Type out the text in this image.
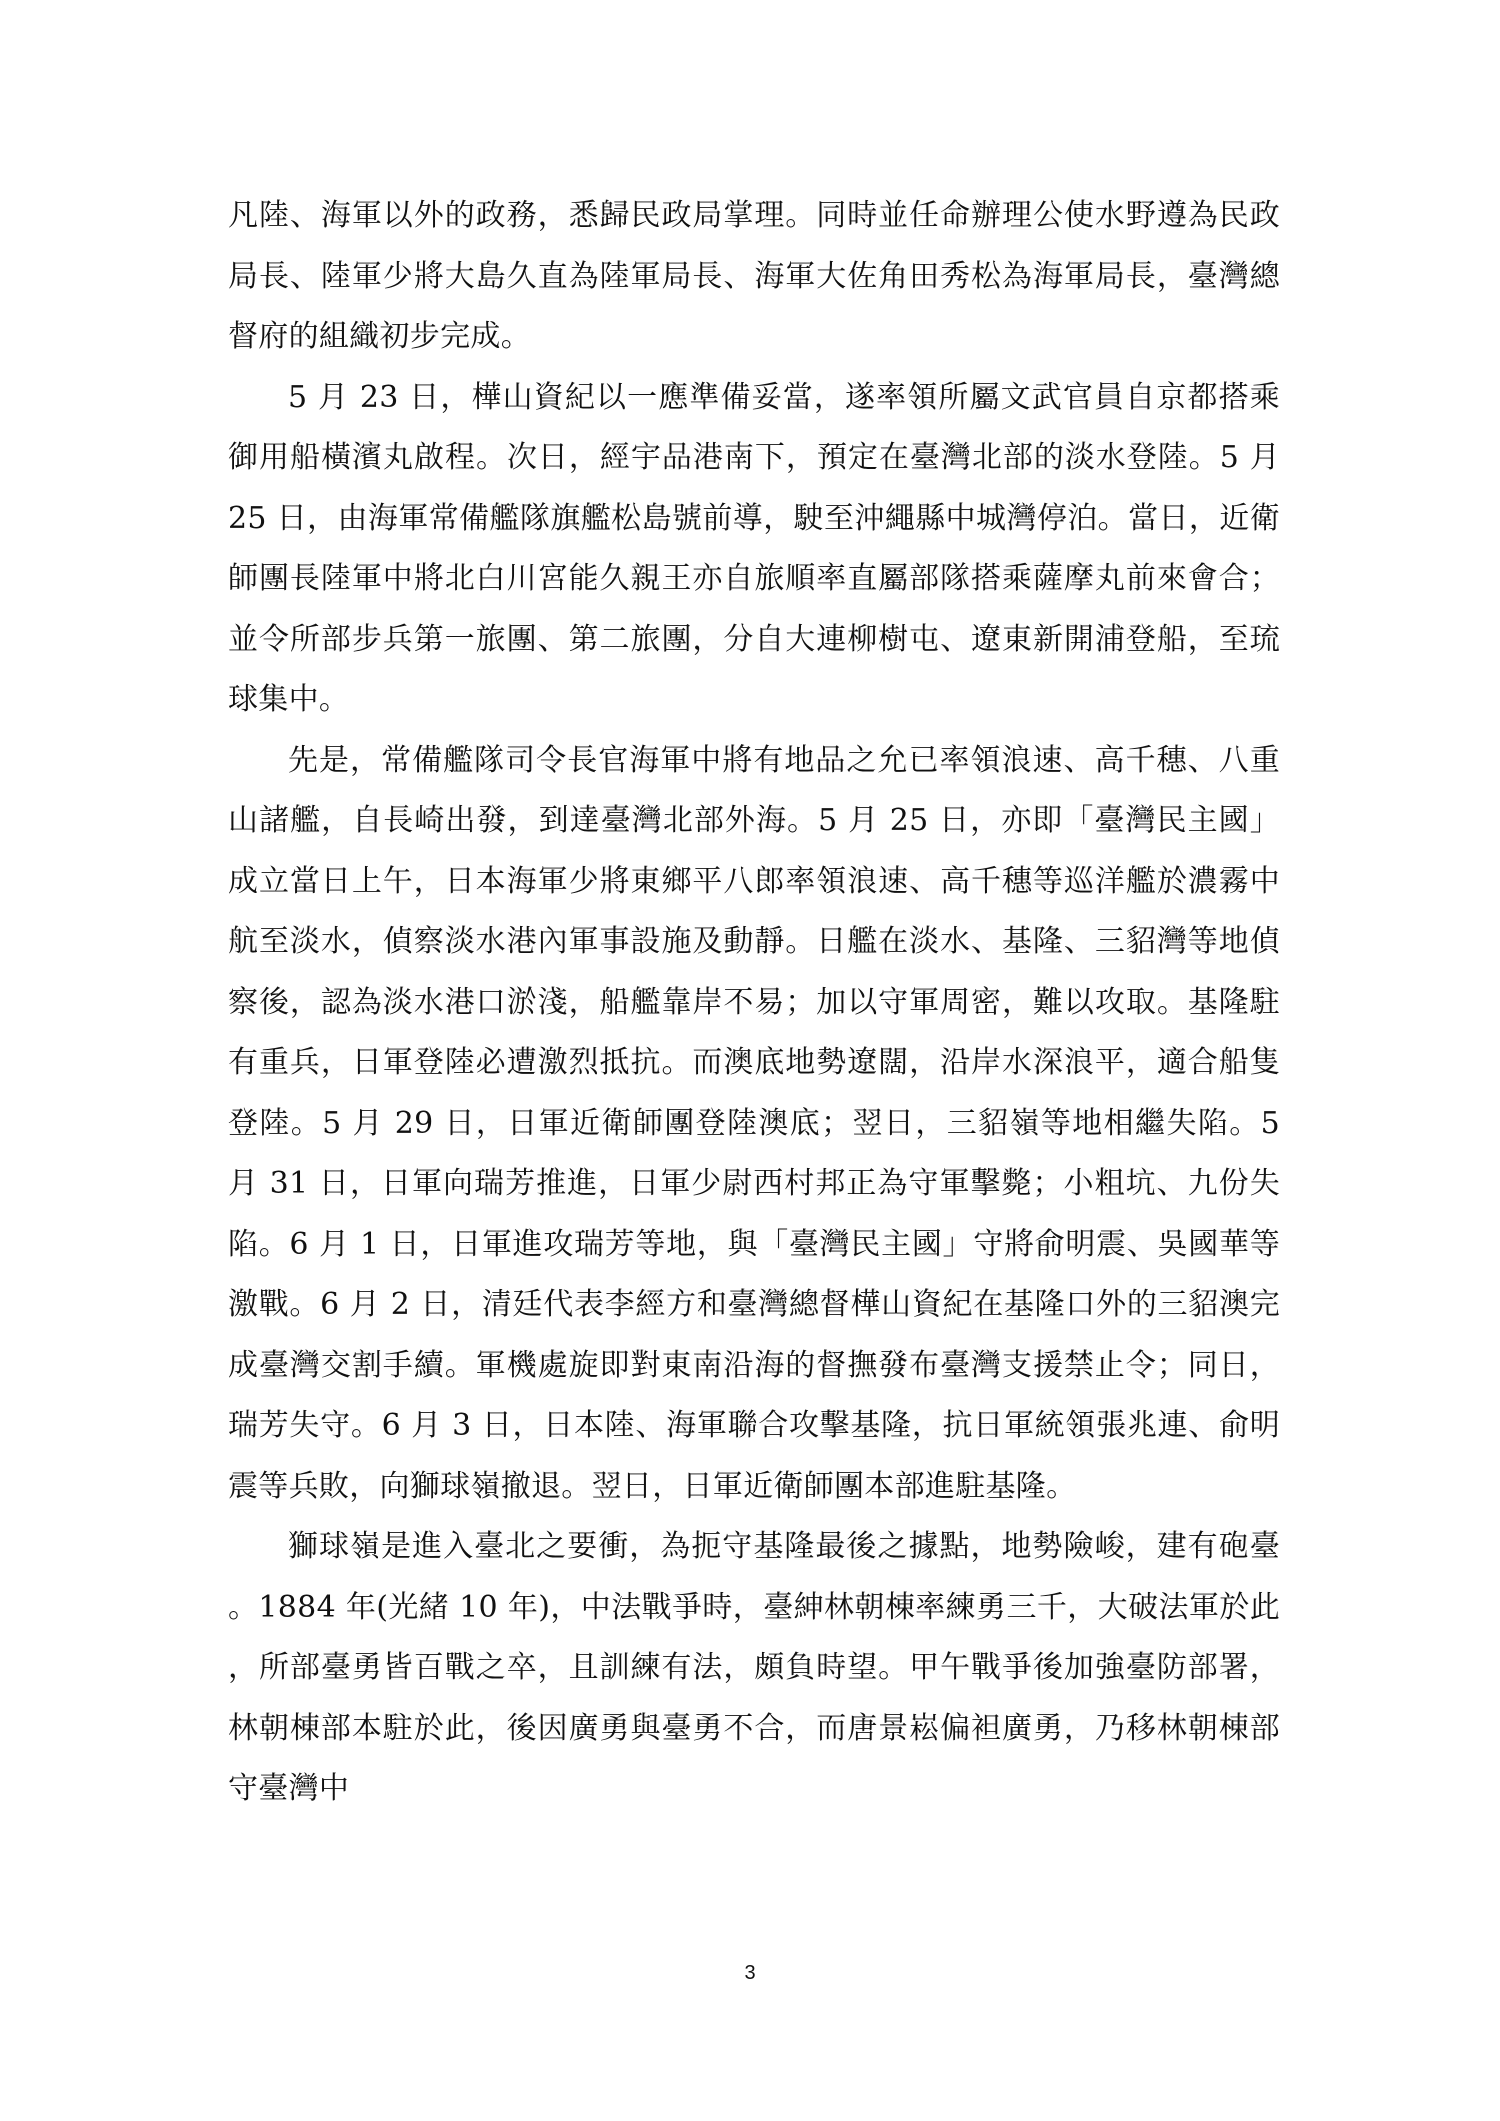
凡陸、海軍以外的政務，悉歸民政局掌理。同時並任命辦理公使水野遵為民政局長、陸軍少將大島久直為陸軍局長、海軍大佐角田秀松為海軍局長，臺灣總督府的組織初步完成。

5 月 23 日，樺山資紀以一應準備妥當，遂率領所屬文武官員自京都搭乘御用船橫濱丸啟程。次日，經宇品港南下，預定在臺灣北部的淡水登陸。5 月 25 日，由海軍常備艦隊旗艦松島號前導，駛至沖繩縣中城灣停泊。當日，近衛師團長陸軍中將北白川宮能久親王亦自旅順率直屬部隊搭乘薩摩丸前來會合；並令所部步兵第一旅團、第二旅團，分自大連柳樹屯、遼東新開浦登船，至琉球集中。

先是，常備艦隊司令長官海軍中將有地品之允已率領浪速、高千穗、八重山諸艦，自長崎出發，到達臺灣北部外海。5 月 25 日，亦即「臺灣民主國」成立當日上午，日本海軍少將東鄉平八郎率領浪速、高千穗等巡洋艦於濃霧中航至淡水，偵察淡水港內軍事設施及動靜。日艦在淡水、基隆、三貂灣等地偵察後，認為淡水港口淤淺，船艦靠岸不易；加以守軍周密，難以攻取。基隆駐有重兵，日軍登陸必遭激烈抵抗。而澳底地勢遼闊，沿岸水深浪平，適合船隻登陸。5 月 29 日，日軍近衛師團登陸澳底；翌日，三貂嶺等地相繼失陷。5 月 31 日，日軍向瑞芳推進，日軍少尉西村邦正為守軍擊斃；小粗坑、九份失陷。6 月 1 日，日軍進攻瑞芳等地，與「臺灣民主國」守將俞明震、吳國華等激戰。6 月 2 日，清廷代表李經方和臺灣總督樺山資紀在基隆口外的三貂澳完成臺灣交割手續。軍機處旋即對東南沿海的督撫發布臺灣支援禁止令；同日，瑞芳失守。6 月 3 日，日本陸、海軍聯合攻擊基隆，抗日軍統領張兆連、俞明震等兵敗，向獅球嶺撤退。翌日，日軍近衛師團本部進駐基隆。

獅球嶺是進入臺北之要衝，為扼守基隆最後之據點，地勢險峻，建有砲臺。1884 年(光緒 10 年)，中法戰爭時，臺紳林朝棟率練勇三千，大破法軍於此，所部臺勇皆百戰之卒，且訓練有法，頗負時望。甲午戰爭後加強臺防部署，林朝棟部本駐於此，後因廣勇與臺勇不合，而唐景崧偏袒廣勇，乃移林朝棟部守臺灣中

3
